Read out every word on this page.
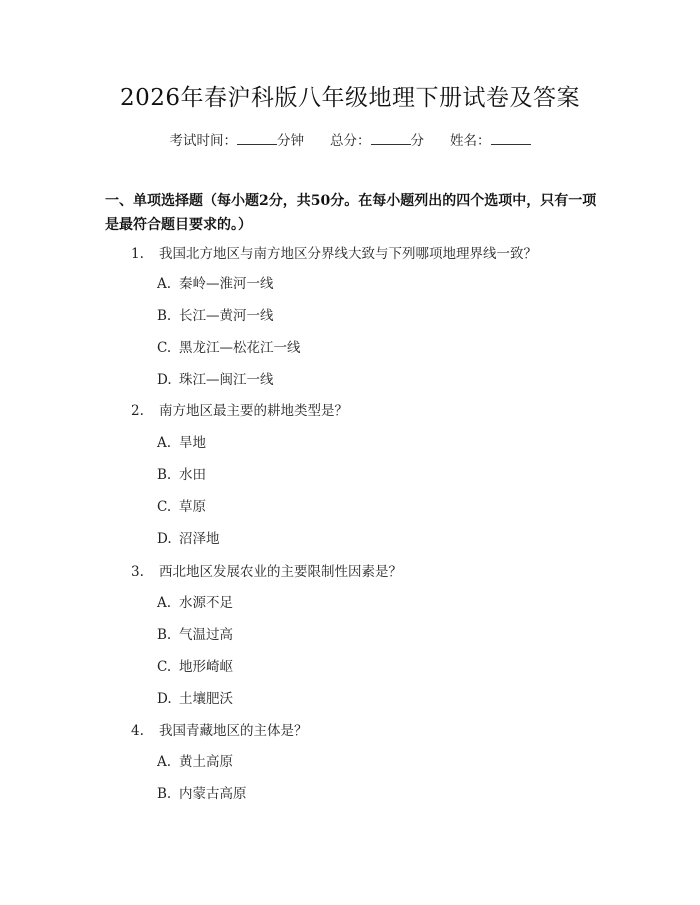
2026年春沪科版八年级地理下册试卷及答案
考试时间：	分钟 总分：	分 姓名：
一、单项选择题（每小题2分，共50分。在每小题列出的四个选项中，只有一项是最符合题目要求的。）
1. 我国北方地区与南方地区分界线大致与下列哪项地理界线一致？
A. 秦岭—淮河一线
B. 长江—黄河一线
C. 黑龙江—松花江一线
D. 珠江—闽江一线
2. 南方地区最主要的耕地类型是？
A. 旱地
B. 水田
C. 草原
D. 沼泽地
3. 西北地区发展农业的主要限制性因素是？
A. 水源不足
B. 气温过高
C. 地形崎岖
D. 土壤肥沃
4. 我国青藏地区的主体是？
A. 黄土高原
B. 内蒙古高原
